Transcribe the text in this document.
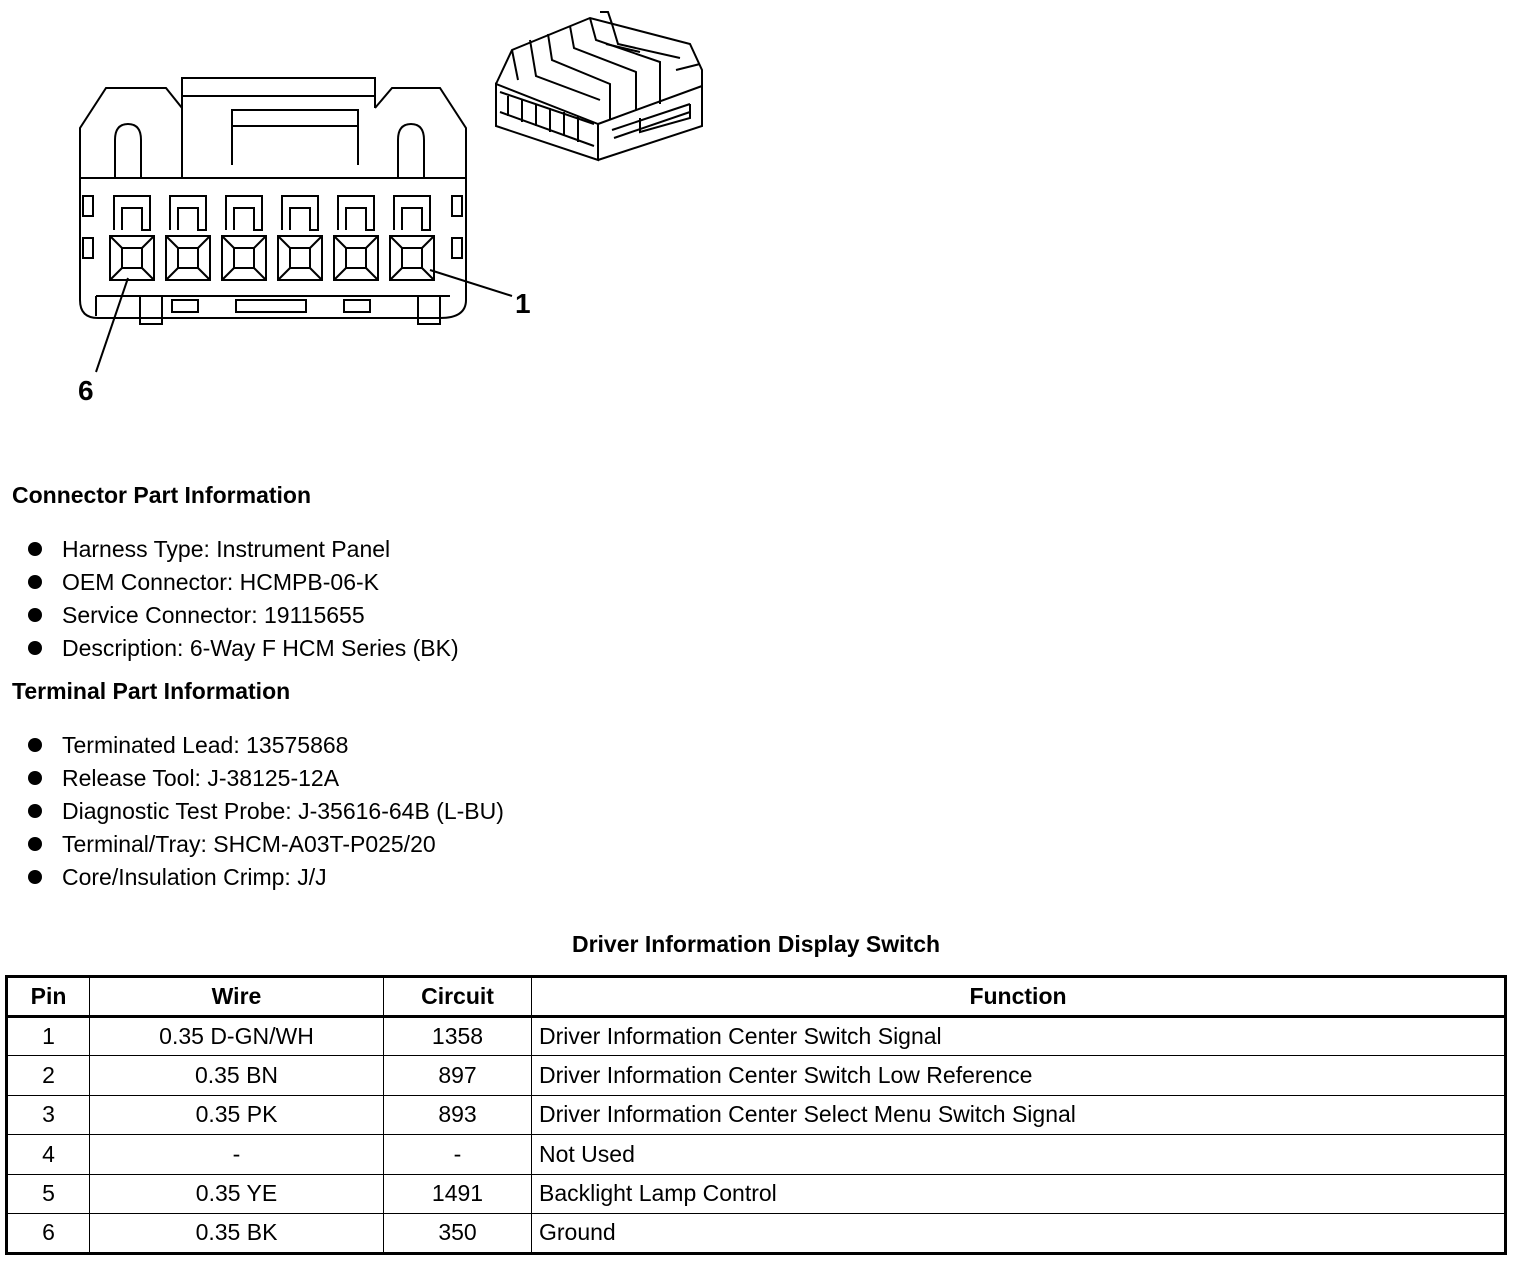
1
6
Connector Part Information
Harness Type: Instrument Panel
OEM Connector: HCMPB-06-K
Service Connector: 19115655
Description: 6-Way F HCM Series (BK)
Terminal Part Information
Terminated Lead: 13575868
Release Tool: J-38125-12A
Diagnostic Test Probe: J-35616-64B (L-BU)
Terminal/Tray: SHCM-A03T-P025/20
Core/Insulation Crimp: J/J
Driver Information Display Switch
Pin	Wire	Circuit	Function
1	0.35 D-GN/WH	1358	Driver Information Center Switch Signal
2	0.35 BN	897	Driver Information Center Switch Low Reference
3	0.35 PK	893	Driver Information Center Select Menu Switch Signal
4	-	-	Not Used
5	0.35 YE	1491	Backlight Lamp Control
6	0.35 BK	350	Ground
